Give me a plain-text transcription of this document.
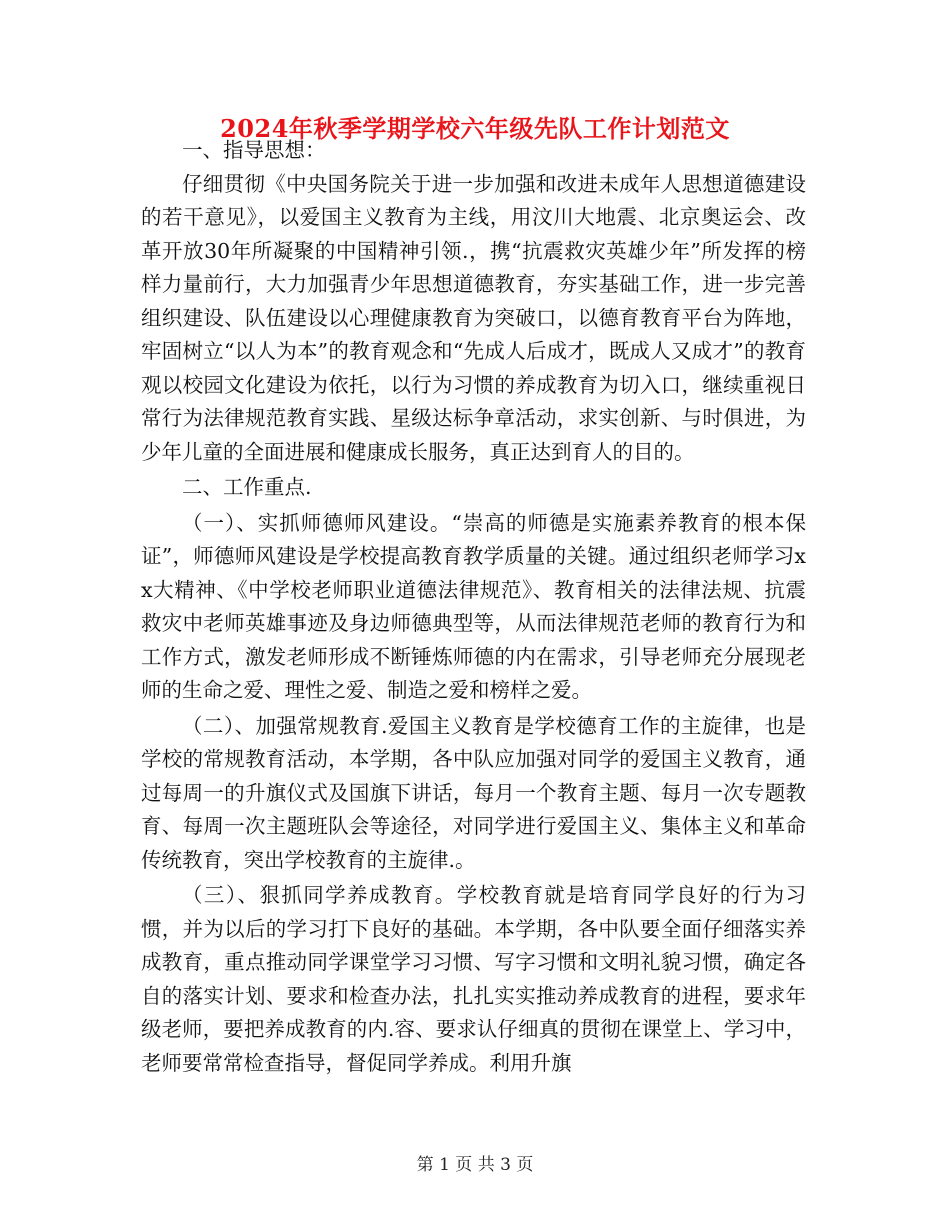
2024年秋季学期学校六年级先队工作计划范文

一、指导思想：

仔细贯彻《中央国务院关于进一步加强和改进未成年人思想道德建设的若干意见》，以爱国主义教育为主线，用汶川大地震、北京奥运会、改革开放30年所凝聚的中国精神引领.，携“抗震救灾英雄少年”所发挥的榜样力量前行，大力加强青少年思想道德教育，夯实基础工作，进一步完善组织建设、队伍建设以心理健康教育为突破口，以德育教育平台为阵地，牢固树立“以人为本”的教育观念和“先成人后成才，既成人又成才”的教育观以校园文化建设为依托，以行为习惯的养成教育为切入口，继续重视日常行为法律规范教育实践、星级达标争章活动，求实创新、与时俱进，为少年儿童的全面进展和健康成长服务，真正达到育人的目的。

二、工作重点.

（一）、实抓师德师风建设。“崇高的师德是实施素养教育的根本保证”，师德师风建设是学校提高教育教学质量的关键。通过组织老师学习xx大精神、《中学校老师职业道德法律规范》、教育相关的法律法规、抗震救灾中老师英雄事迹及身边师德典型等，从而法律规范老师的教育行为和工作方式，激发老师形成不断锤炼师德的内在需求，引导老师充分展现老师的生命之爱、理性之爱、制造之爱和榜样之爱。

（二）、加强常规教育.爱国主义教育是学校德育工作的主旋律，也是学校的常规教育活动，本学期，各中队应加强对同学的爱国主义教育，通过每周一的升旗仪式及国旗下讲话，每月一个教育主题、每月一次专题教育、每周一次主题班队会等途径，对同学进行爱国主义、集体主义和革命传统教育，突出学校教育的主旋律.。

（三）、狠抓同学养成教育。学校教育就是培育同学良好的行为习惯，并为以后的学习打下良好的基础。本学期，各中队要全面仔细落实养成教育，重点推动同学课堂学习习惯、写字习惯和文明礼貌习惯，确定各自的落实计划、要求和检查办法，扎扎实实推动养成教育的进程，要求年级老师，要把养成教育的内.容、要求认仔细真的贯彻在课堂上、学习中，老师要常常检查指导，督促同学养成。利用升旗

第 1 页 共 3 页
